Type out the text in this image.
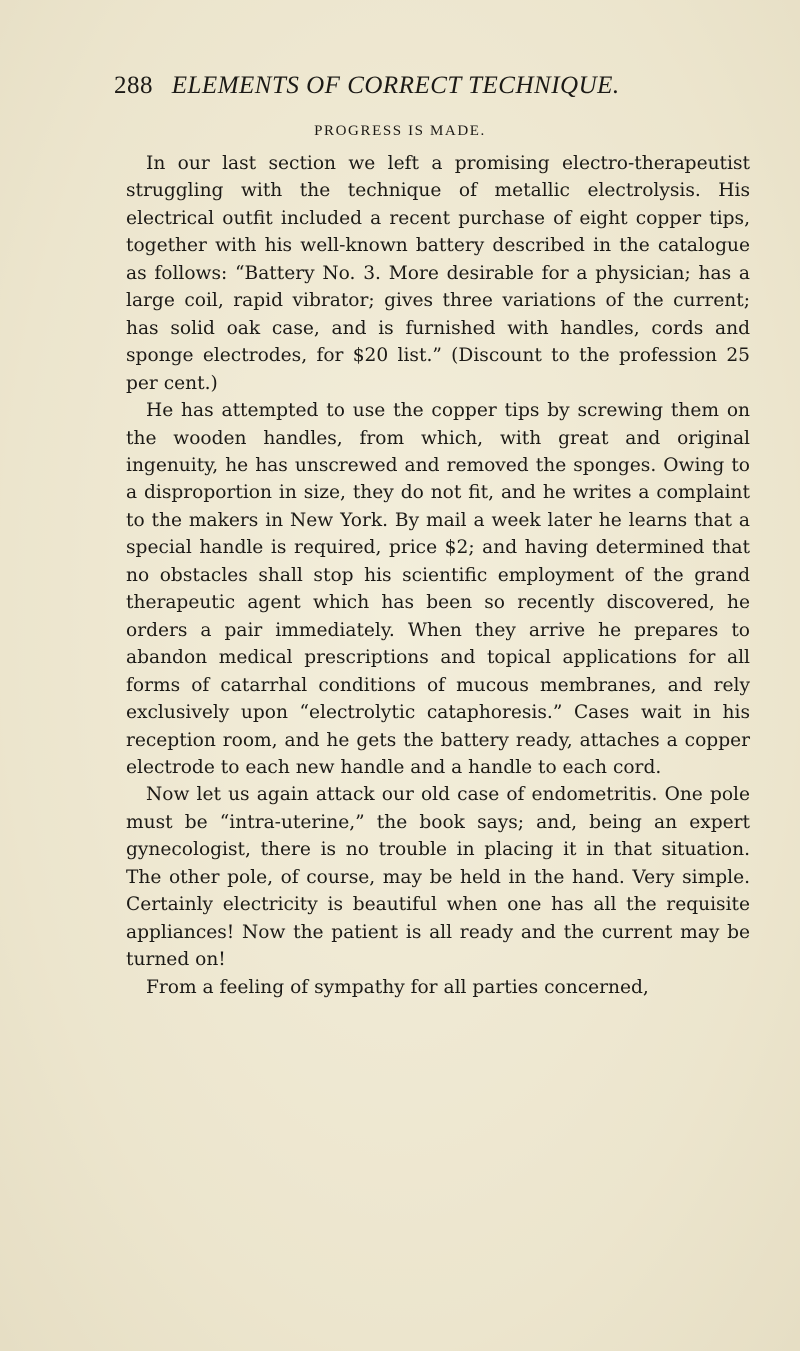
288 ELEMENTS OF CORRECT TECHNIQUE.
PROGRESS IS MADE.

In our last section we left a promising electro-therapeutist struggling with the technique of metallic electrolysis. His electrical outfit included a recent purchase of eight copper tips, together with his well-known battery described in the catalogue as follows: “Battery No. 3. More desirable for a physician; has a large coil, rapid vibrator; gives three variations of the current; has solid oak case, and is furnished with handles, cords and sponge electrodes, for $20 list.” (Discount to the profession 25 per cent.)

He has attempted to use the copper tips by screwing them on the wooden handles, from which, with great and original ingenuity, he has unscrewed and removed the sponges. Owing to a disproportion in size, they do not fit, and he writes a complaint to the makers in New York. By mail a week later he learns that a special handle is required, price $2; and having determined that no obstacles shall stop his scientific employment of the grand therapeutic agent which has been so recently discovered, he orders a pair immediately. When they arrive he prepares to abandon medical prescriptions and topical applications for all forms of catarrhal conditions of mucous membranes, and rely exclusively upon “electrolytic cataphoresis.” Cases wait in his reception room, and he gets the battery ready, attaches a copper electrode to each new handle and a handle to each cord.

Now let us again attack our old case of endometritis. One pole must be “intra-uterine,” the book says; and, being an expert gynecologist, there is no trouble in placing it in that situation. The other pole, of course, may be held in the hand. Very simple. Certainly electricity is beautiful when one has all the requisite appliances! Now the patient is all ready and the current may be turned on!

From a feeling of sympathy for all parties concerned,
